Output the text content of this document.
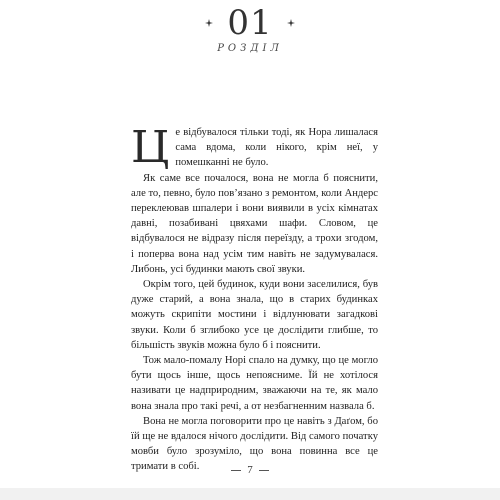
01
РОЗДІЛ

Це відбувалося тільки тоді, як Нора лишалася сама вдома, коли нікого, крім неї, у помешканні не було.

Як саме все почалося, вона не могла б пояснити, але то, певно, було пов’язано з ремонтом, коли Андерс переклеював шпалери і вони виявили в усіх кімнатах давні, позабивані цвяхами шафи. Словом, це відбувалося не відразу після переїзду, а трохи згодом, і поперва вона над усім тим навіть не задумувалася. Либонь, усі будинки мають свої звуки.

Окрім того, цей будинок, куди вони заселилися, був дуже старий, а вона знала, що в старих будинках можуть скрипіти мостини і відлунювати загадкові звуки. Коли б зглибоко усе це дослідити глибше, то більшість звуків можна було б і пояснити.

Тож мало-помалу Норі спало на думку, що це могло бути щось інше, щось непоясниме. Їй не хотілося називати це надприродним, зважаючи на те, як мало вона знала про такі речі, а от незбагненним назвала б.

Вона не могла поговорити про це навіть з Даґом, бо їй ще не вдалося нічого дослідити. Від самого початку мовби було зрозуміло, що вона повинна все це тримати в собі.	7
